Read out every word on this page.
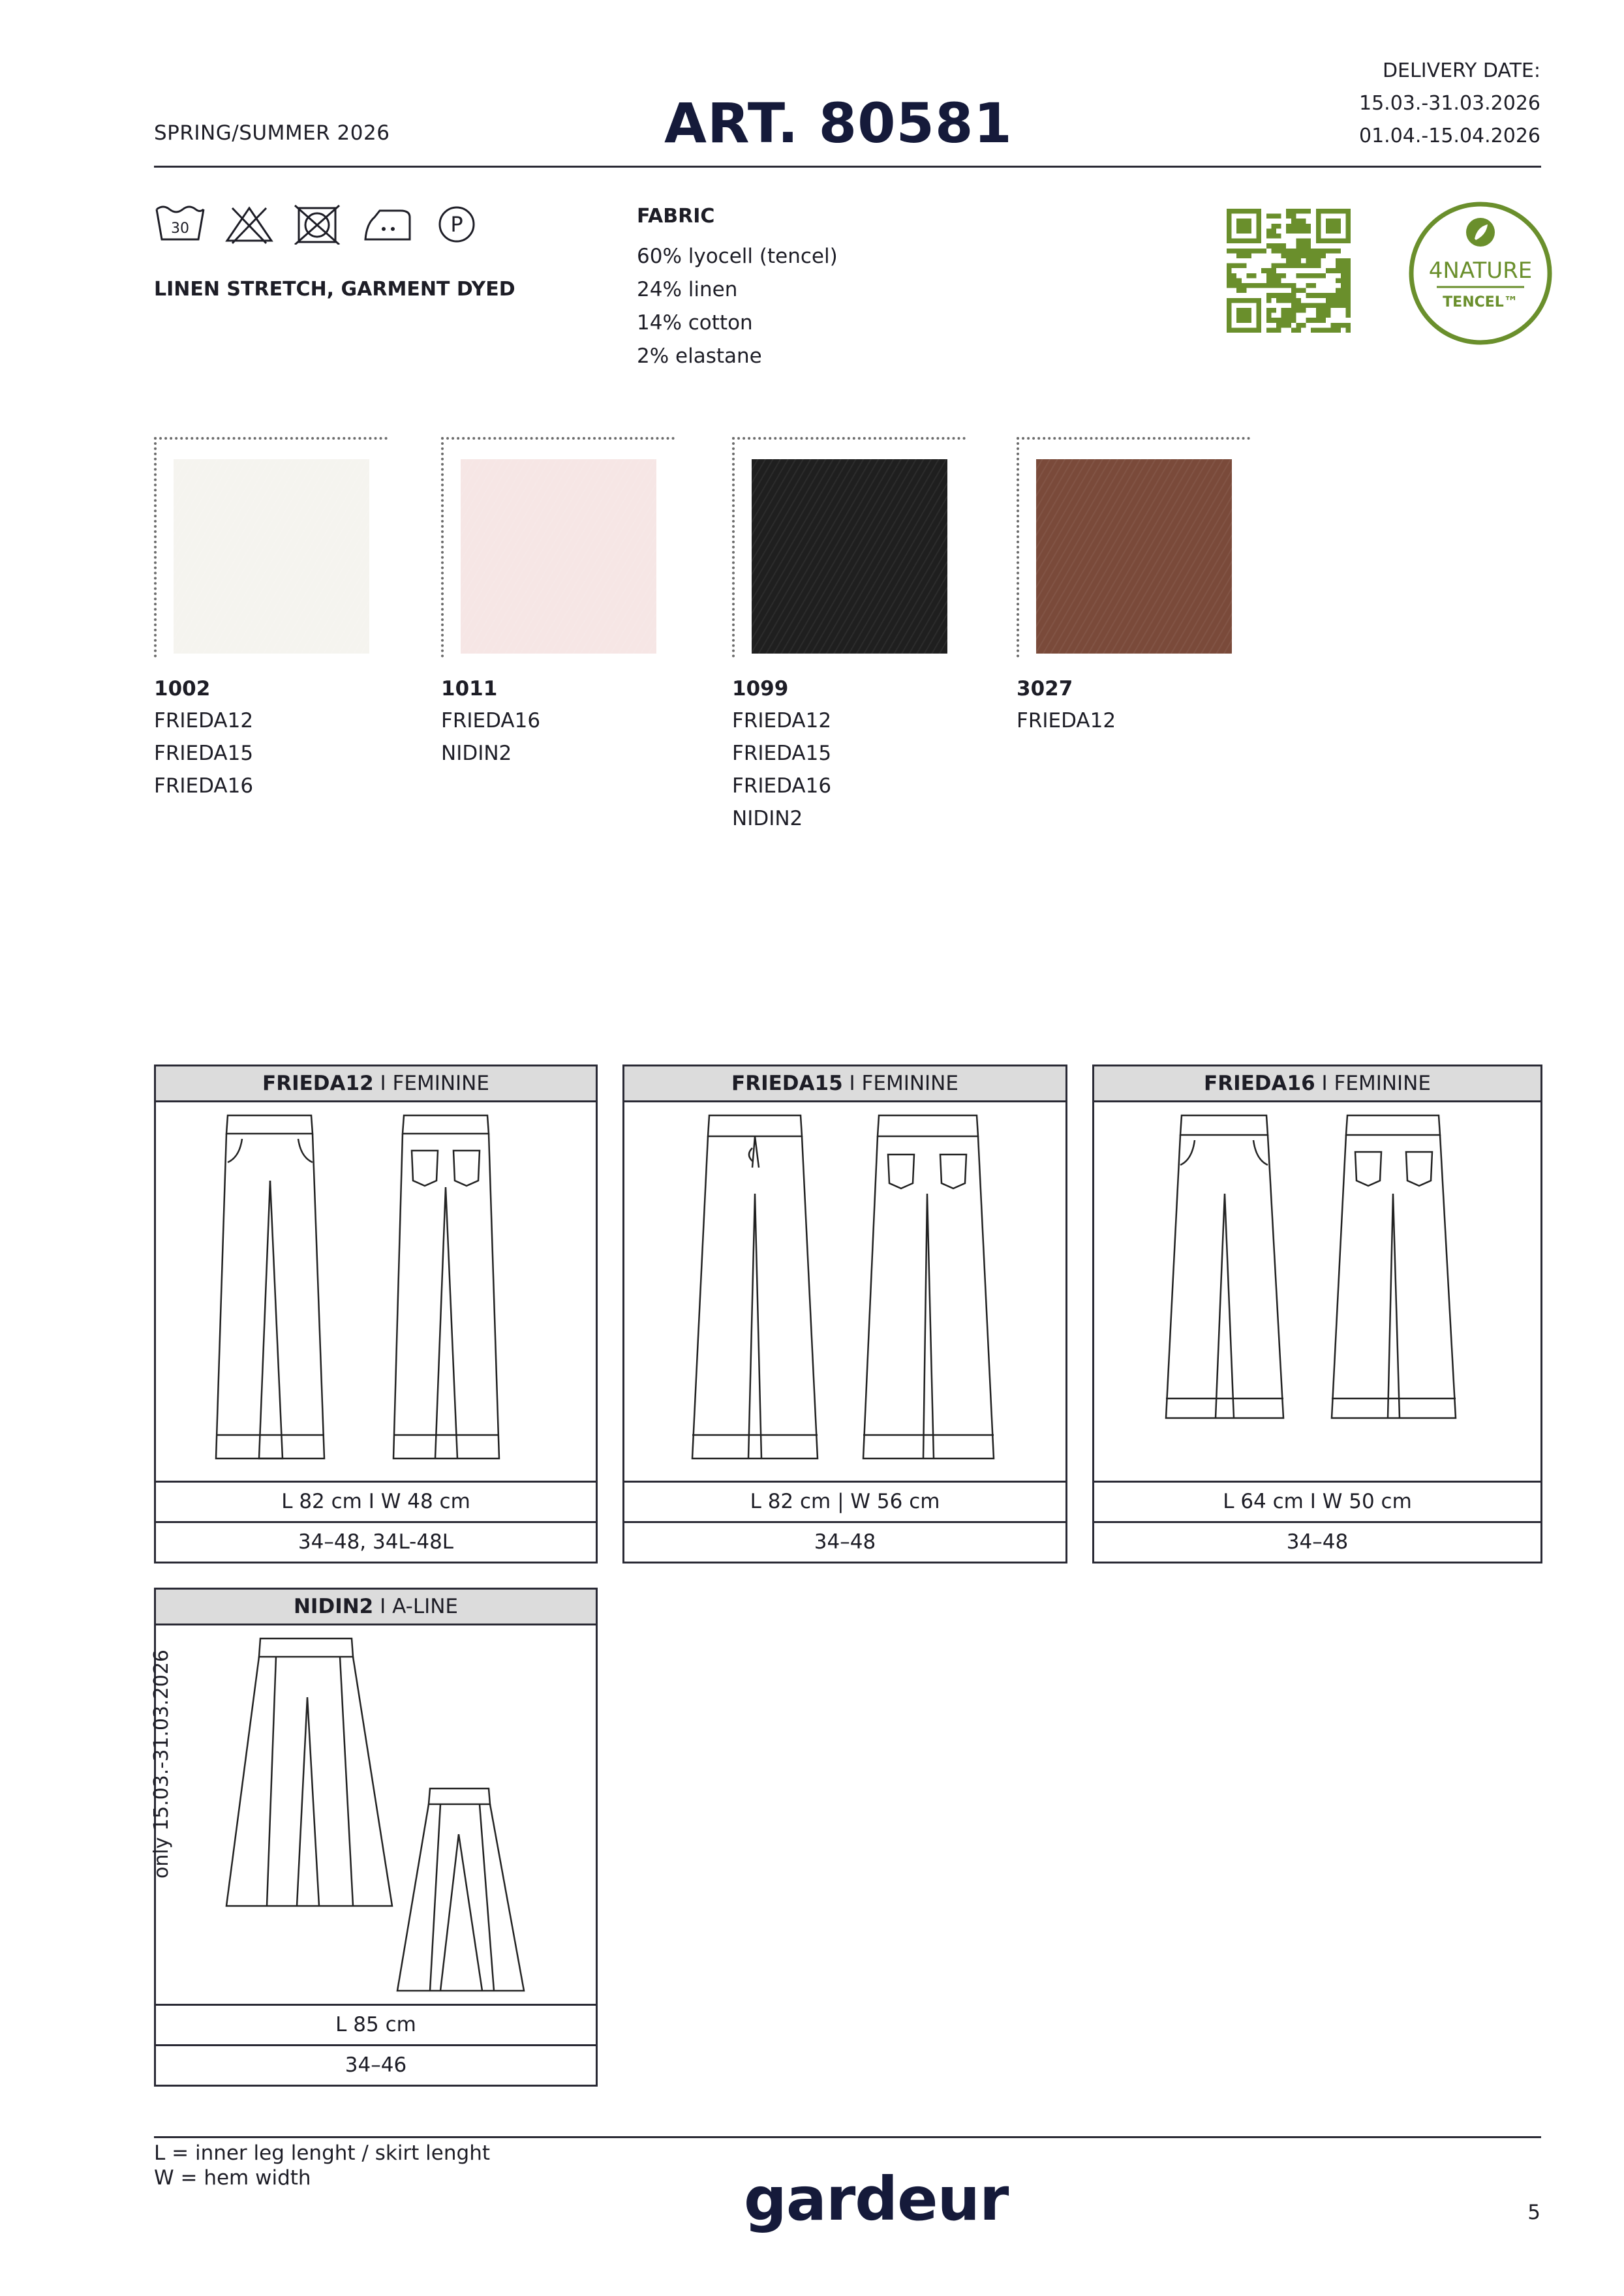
SPRING/SUMMER 2026	ART. 80581
DELIVERY DATE:
15.03.-31.03.2026
01.04.-15.04.2026
30	P
LINEN STRETCH, GARMENT DYED
FABRIC
60% lyocell (tencel)
24% linen
14% cotton
2% elastane
4NATURE
TENCEL™
1002
FRIEDA12
FRIEDA15
FRIEDA16
1011
FRIEDA16
NIDIN2
1099
FRIEDA12
FRIEDA15
FRIEDA16
NIDIN2
3027
FRIEDA12
FRIEDA12 I FEMININE
L 82 cm I W 48 cm
34–48, 34L-48L
FRIEDA15 I FEMININE
L 82 cm | W 56 cm
34–48
FRIEDA16 I FEMININE
L 64 cm I W 50 cm
34–48
NIDIN2 I A-LINE
L 85 cm
34–46
only 15.03.-31.03.2026
L = inner leg lenght / skirt lenght
W = hem width	gardeur	5
